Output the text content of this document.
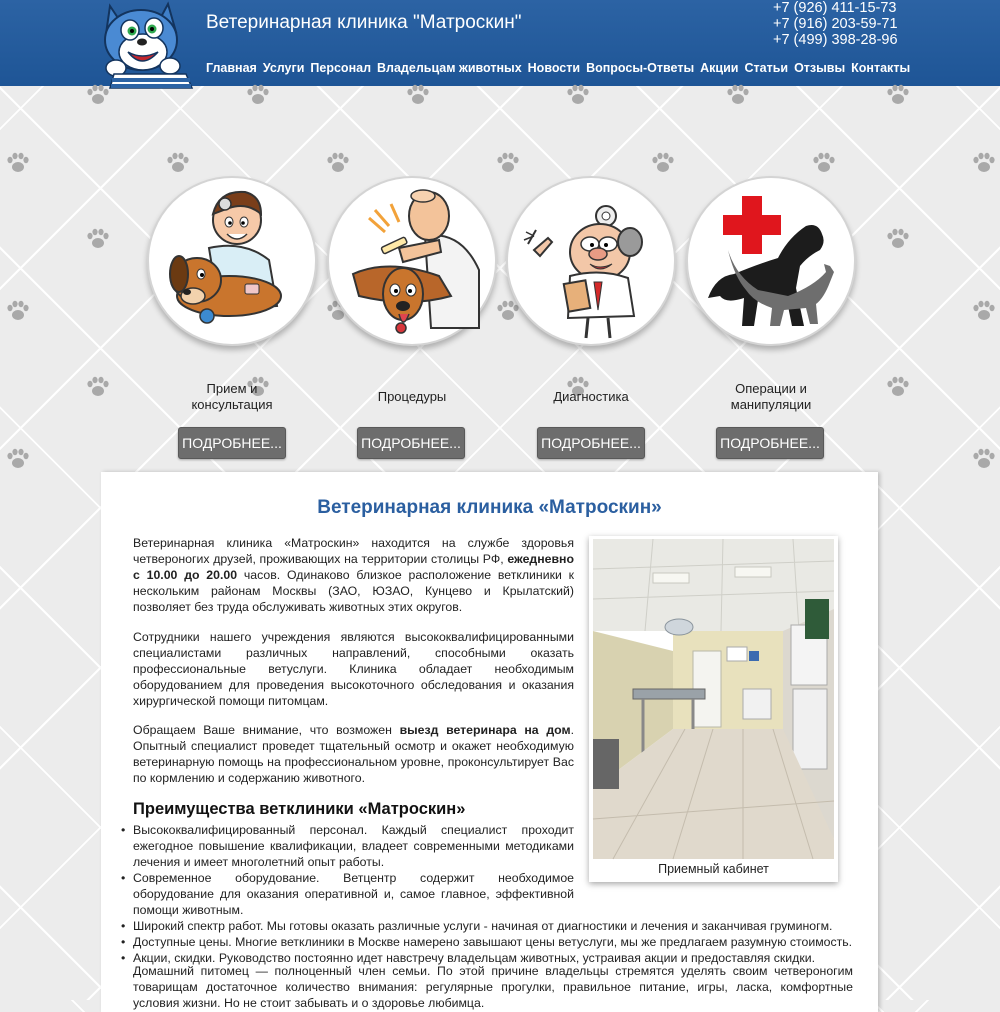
Ветеринарная клиника "Матроскин"
+7 (926) 411-15-73
+7 (916) 203-59-71
+7 (499) 398-28-96
Главная Услуги Персонал Владельцам животных Новости Вопросы-Ответы Акции Статьи Отзывы Контакты
Прием и
консультация
ПОДРОБНЕЕ...
Процедуры
ПОДРОБНЕЕ...
Диагностика
ПОДРОБНЕЕ...
Операции и
манипуляции
ПОДРОБНЕЕ...
Ветеринарная клиника «Матроскин»
Ветеринарная клиника «Матроскин» находится на службе здоровья четвероногих друзей, проживающих на территории столицы РФ, ежедневно с 10.00 до 20.00 часов. Одинаково близкое расположение ветклиники к нескольким районам Москвы (ЗАО, ЮЗАО, Кунцево и Крылатский) позволяет без труда обслуживать животных этих округов.
Сотрудники нашего учреждения являются высококвалифицированными специалистами различных направлений, способными оказать профессиональные ветуслуги. Клиника обладает необходимым оборудованием для проведения высокоточного обследования и оказания хирургической помощи питомцам.
Обращаем Ваше внимание, что возможен выезд ветеринара на дом. Опытный специалист проведет тщательный осмотр и окажет необходимую ветеринарную помощь на профессиональном уровне, проконсультирует Вас по кормлению и содержанию животного.
Приемный кабинет
Преимущества ветклиники «Матроскин»
• Высококвалифицированный персонал. Каждый специалист проходит ежегодное повышение квалификации, владеет современными методиками лечения и имеет многолетний опыт работы.
• Современное оборудование. Ветцентр содержит необходимое оборудование для оказания оперативной и, самое главное, эффективной помощи животным.
• Широкий спектр работ. Мы готовы оказать различные услуги - начиная от диагностики и лечения и заканчивая груминогм.
• Доступные цены. Многие ветклиники в Москве намерено завышают цены ветуслуги, мы же предлагаем разумную стоимость.
• Акции, скидки. Руководство постоянно идет навстречу владельцам животных, устраивая акции и предоставляя скидки.
Домашний питомец — полноценный член семьи. По этой причине владельцы стремятся уделять своим четвероногим товарищам достаточное количество внимания: регулярные прогулки, правильное питание, игры, ласка, комфортные условия жизни. Но не стоит забывать и о здоровье любимца.
